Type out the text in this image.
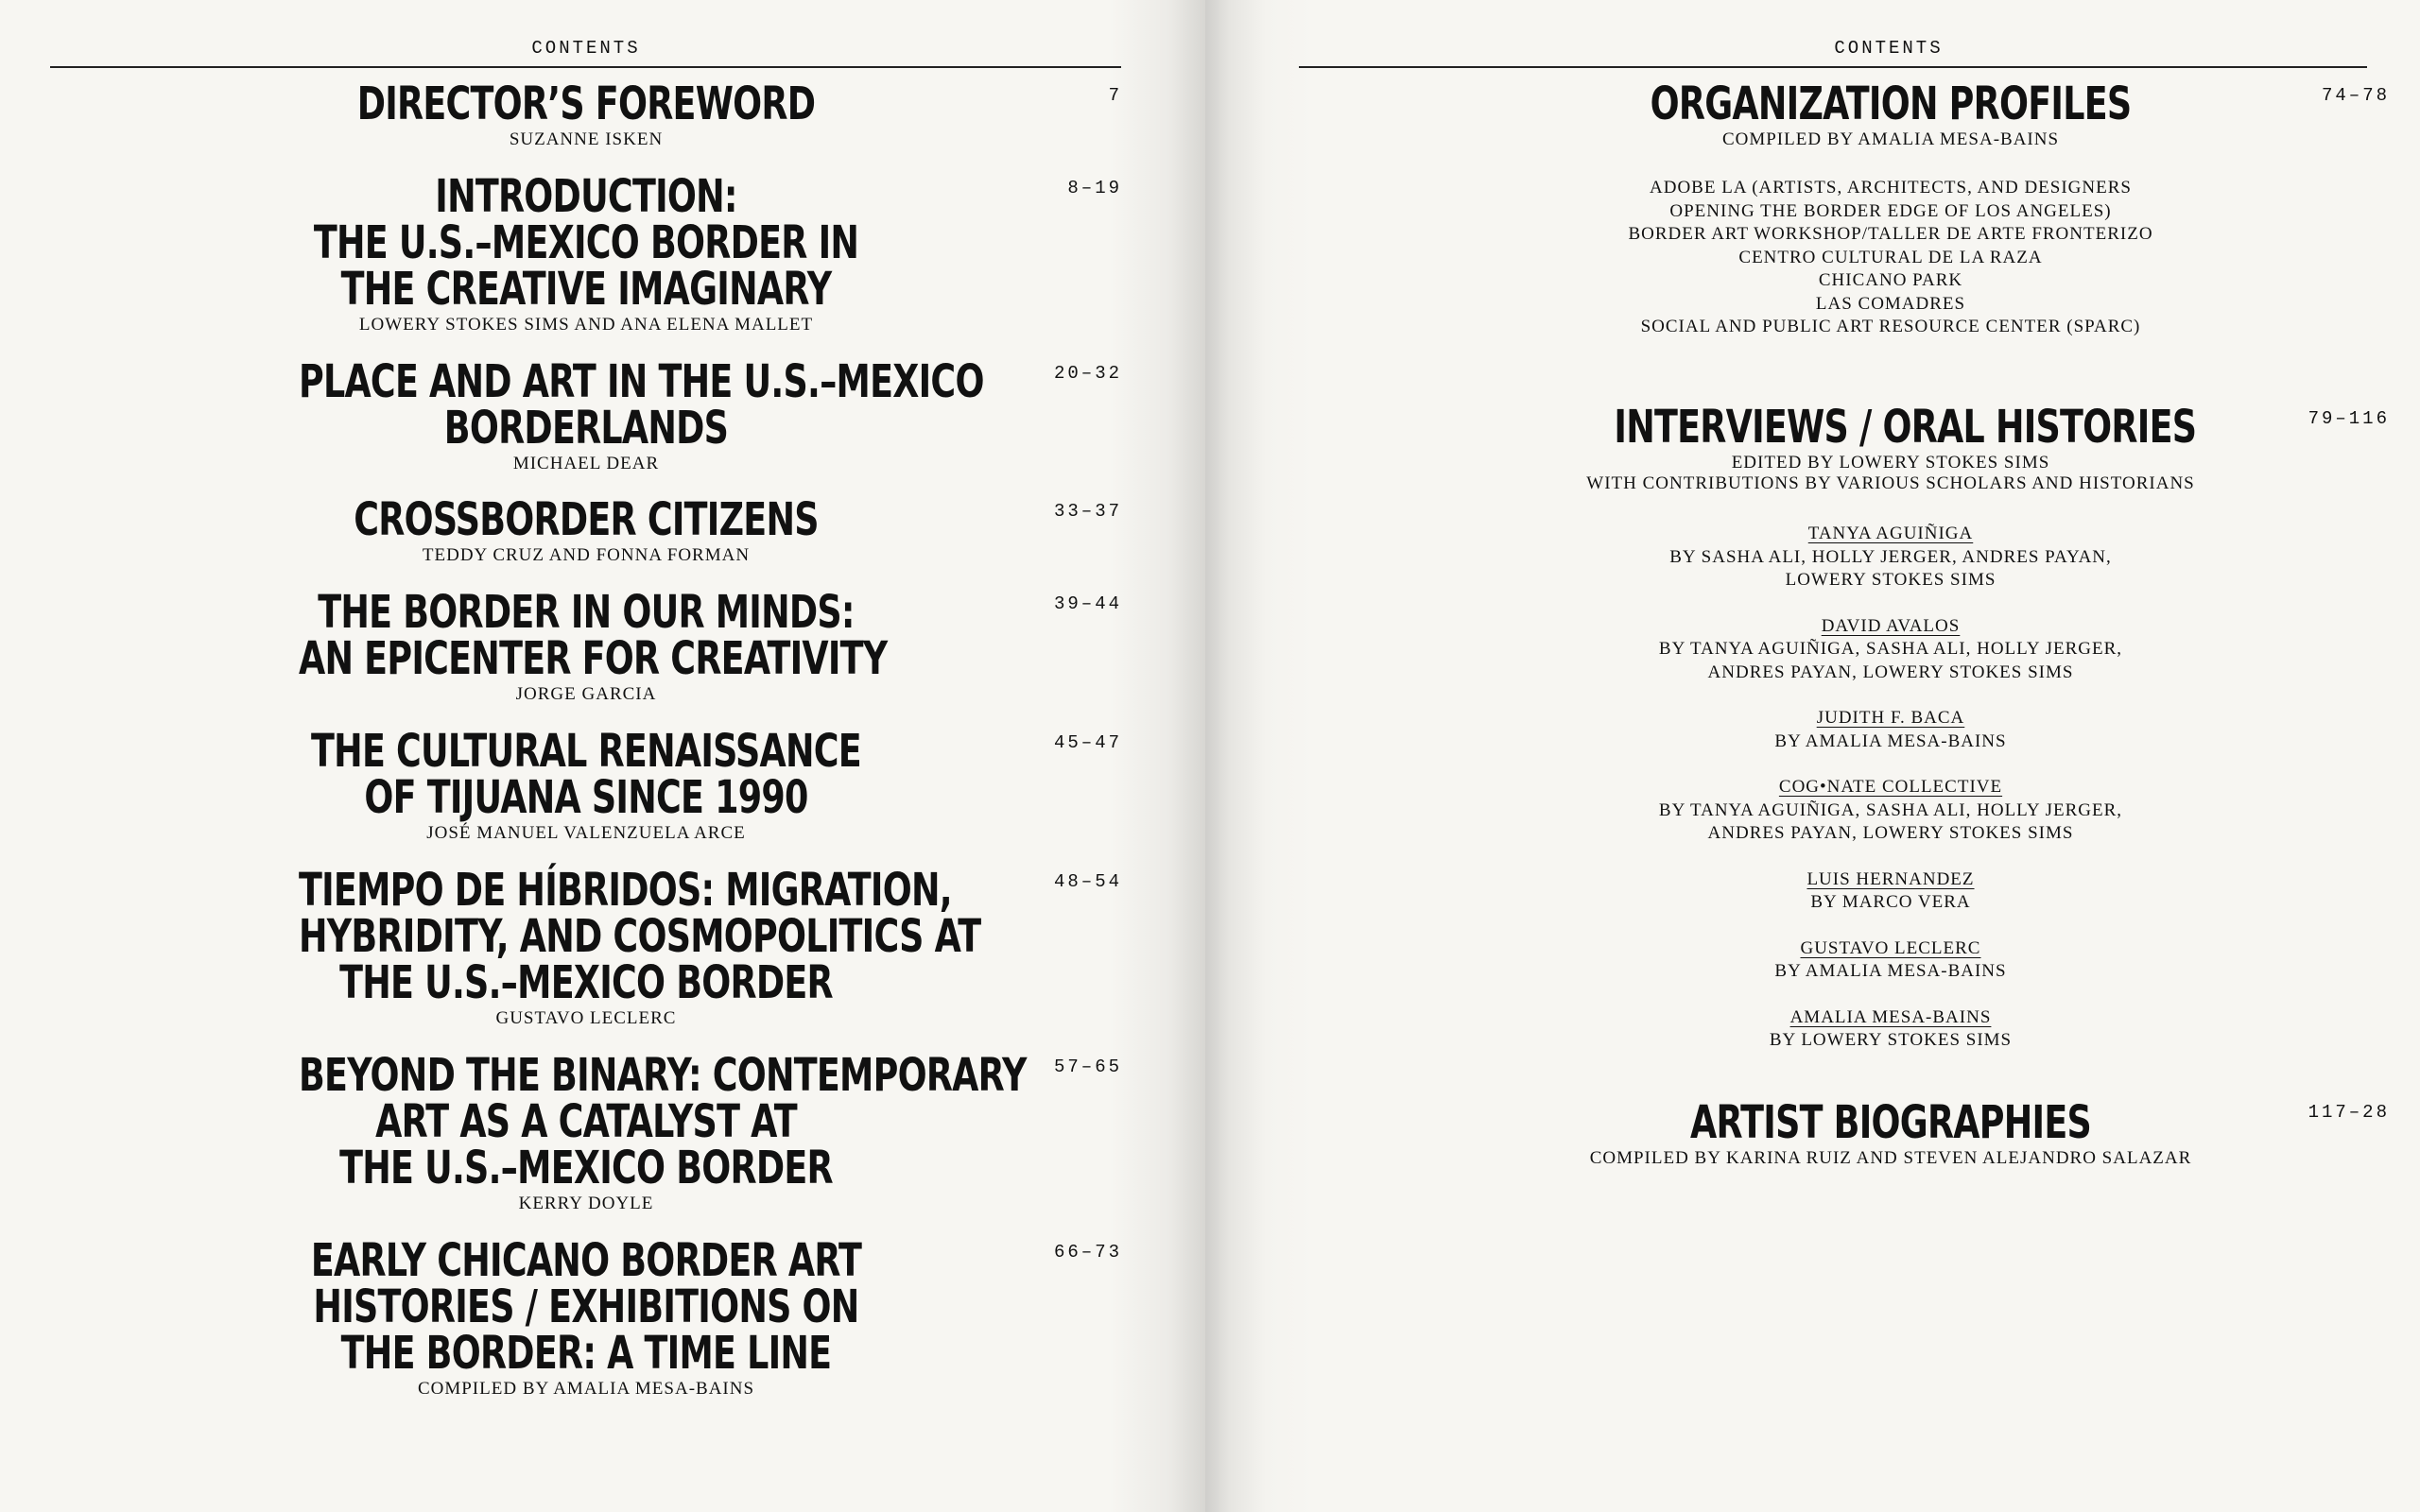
CONTENTS
DIRECTOR’S FOREWORD
SUZANNE ISKEN
7
INTRODUCTION:
THE U.S.–MEXICO BORDER IN
THE CREATIVE IMAGINARY
LOWERY STOKES SIMS AND ANA ELENA MALLET
8–19
PLACE AND ART IN THE U.S.–MEXICO
BORDERLANDS
MICHAEL DEAR
20–32
CROSSBORDER CITIZENS
TEDDY CRUZ AND FONNA FORMAN
33–37
THE BORDER IN OUR MINDS:
AN EPICENTER FOR CREATIVITY
JORGE GARCIA
39–44
THE CULTURAL RENAISSANCE
OF TIJUANA SINCE 1990
JOSÉ MANUEL VALENZUELA ARCE
45–47
TIEMPO DE HÍBRIDOS: MIGRATION,
HYBRIDITY, AND COSMOPOLITICS AT
THE U.S.–MEXICO BORDER
GUSTAVO LECLERC
48–54
BEYOND THE BINARY: CONTEMPORARY
ART AS A CATALYST AT
THE U.S.–MEXICO BORDER
KERRY DOYLE
57–65
EARLY CHICANO BORDER ART
HISTORIES / EXHIBITIONS ON
THE BORDER: A TIME LINE
COMPILED BY AMALIA MESA-BAINS
66–73
CONTENTS
ORGANIZATION PROFILES
COMPILED BY AMALIA MESA-BAINS
74–78
ADOBE LA (ARTISTS, ARCHITECTS, AND DESIGNERS
OPENING THE BORDER EDGE OF LOS ANGELES)
BORDER ART WORKSHOP/TALLER DE ARTE FRONTERIZO
CENTRO CULTURAL DE LA RAZA
CHICANO PARK
LAS COMADRES
SOCIAL AND PUBLIC ART RESOURCE CENTER (SPARC)
INTERVIEWS / ORAL HISTORIES
EDITED BY LOWERY STOKES SIMS
WITH CONTRIBUTIONS BY VARIOUS SCHOLARS AND HISTORIANS
79–116
TANYA AGUIÑIGA
BY SASHA ALI, HOLLY JERGER, ANDRES PAYAN,
LOWERY STOKES SIMS
DAVID AVALOS
BY TANYA AGUIÑIGA, SASHA ALI, HOLLY JERGER,
ANDRES PAYAN, LOWERY STOKES SIMS
JUDITH F. BACA
BY AMALIA MESA-BAINS
COG•NATE COLLECTIVE
BY TANYA AGUIÑIGA, SASHA ALI, HOLLY JERGER,
ANDRES PAYAN, LOWERY STOKES SIMS
LUIS HERNANDEZ
BY MARCO VERA
GUSTAVO LECLERC
BY AMALIA MESA-BAINS
AMALIA MESA-BAINS
BY LOWERY STOKES SIMS
ARTIST BIOGRAPHIES
COMPILED BY KARINA RUIZ AND STEVEN ALEJANDRO SALAZAR
117–28
